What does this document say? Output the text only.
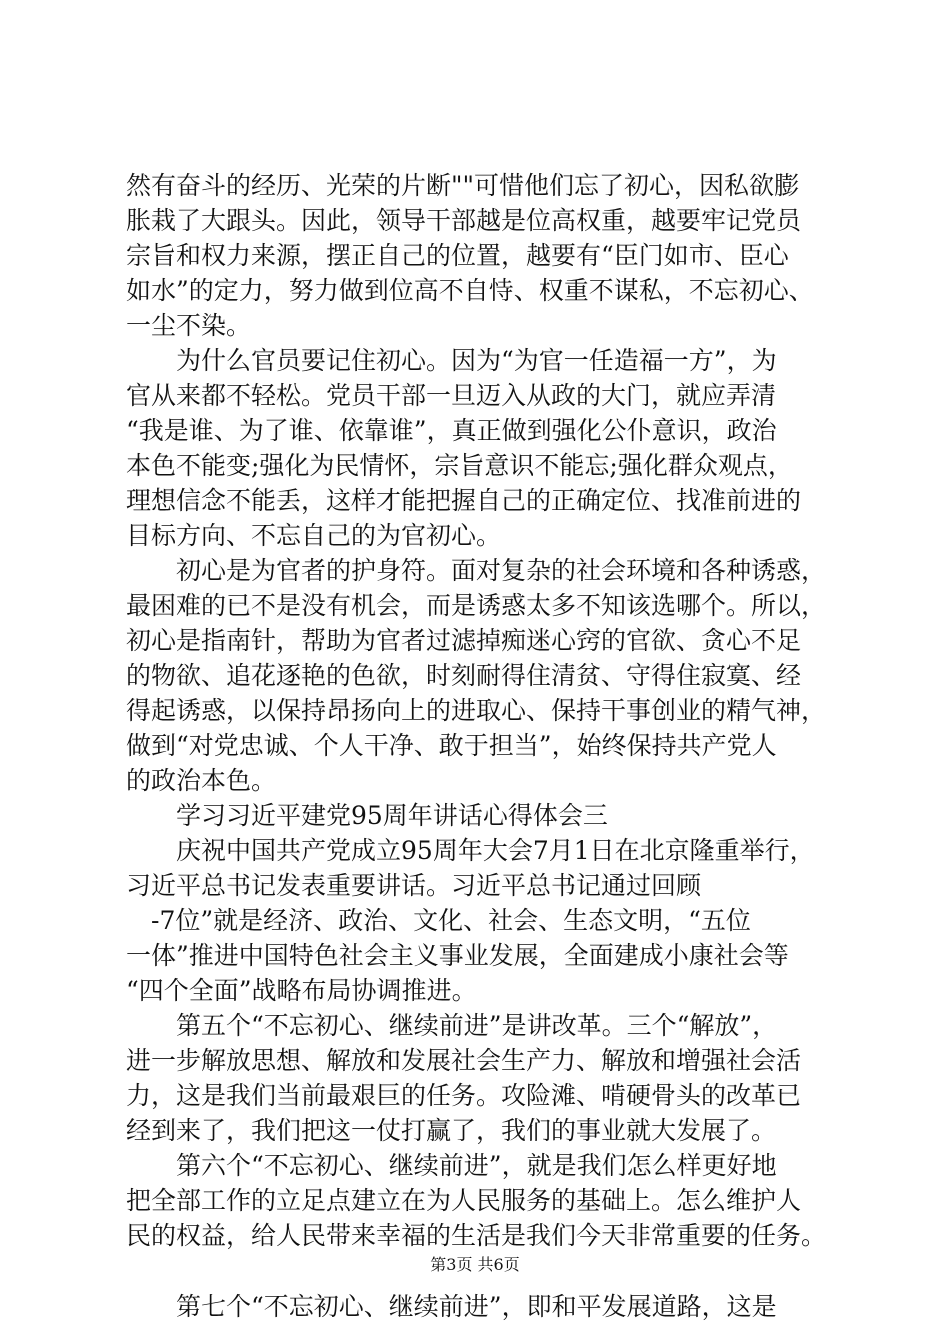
然有奋斗的经历、光荣的片断""可惜他们忘了初心，因私欲膨
胀栽了大跟头。因此，领导干部越是位高权重，越要牢记党员
宗旨和权力来源，摆正自己的位置，越要有“臣门如市、臣心
如水”的定力，努力做到位高不自恃、权重不谋私，不忘初心、
一尘不染。
　　为什么官员要记住初心。因为“为官一任造福一方”，为
官从来都不轻松。党员干部一旦迈入从政的大门，就应弄清
“我是谁、为了谁、依靠谁”，真正做到强化公仆意识，政治
本色不能变;强化为民情怀，宗旨意识不能忘;强化群众观点，
理想信念不能丢，这样才能把握自己的正确定位、找准前进的
目标方向、不忘自己的为官初心。
　　初心是为官者的护身符。面对复杂的社会环境和各种诱惑，
最困难的已不是没有机会，而是诱惑太多不知该选哪个。所以，
初心是指南针，帮助为官者过滤掉痴迷心窍的官欲、贪心不足
的物欲、追花逐艳的色欲，时刻耐得住清贫、守得住寂寞、经
得起诱惑，以保持昂扬向上的进取心、保持干事创业的精气神，
做到“对党忠诚、个人干净、敢于担当”，始终保持共产党人
的政治本色。
　　学习习近平建党95周年讲话心得体会三
　　庆祝中国共产党成立95周年大会7月1日在北京隆重举行，
习近平总书记发表重要讲话。习近平总书记通过回顾
　-7位”就是经济、政治、文化、社会、生态文明，“五位
一体”推进中国特色社会主义事业发展，全面建成小康社会等
“四个全面”战略布局协调推进。
　　第五个“不忘初心、继续前进”是讲改革。三个“解放”，
进一步解放思想、解放和发展社会生产力、解放和增强社会活
力，这是我们当前最艰巨的任务。攻险滩、啃硬骨头的改革已
经到来了，我们把这一仗打赢了，我们的事业就大发展了。
　　第六个“不忘初心、继续前进”，就是我们怎么样更好地
把全部工作的立足点建立在为人民服务的基础上。怎么维护人
民的权益，给人民带来幸福的生活是我们今天非常重要的任务。
　　第七个“不忘初心、继续前进”，即和平发展道路，这是
第3页 共6页
